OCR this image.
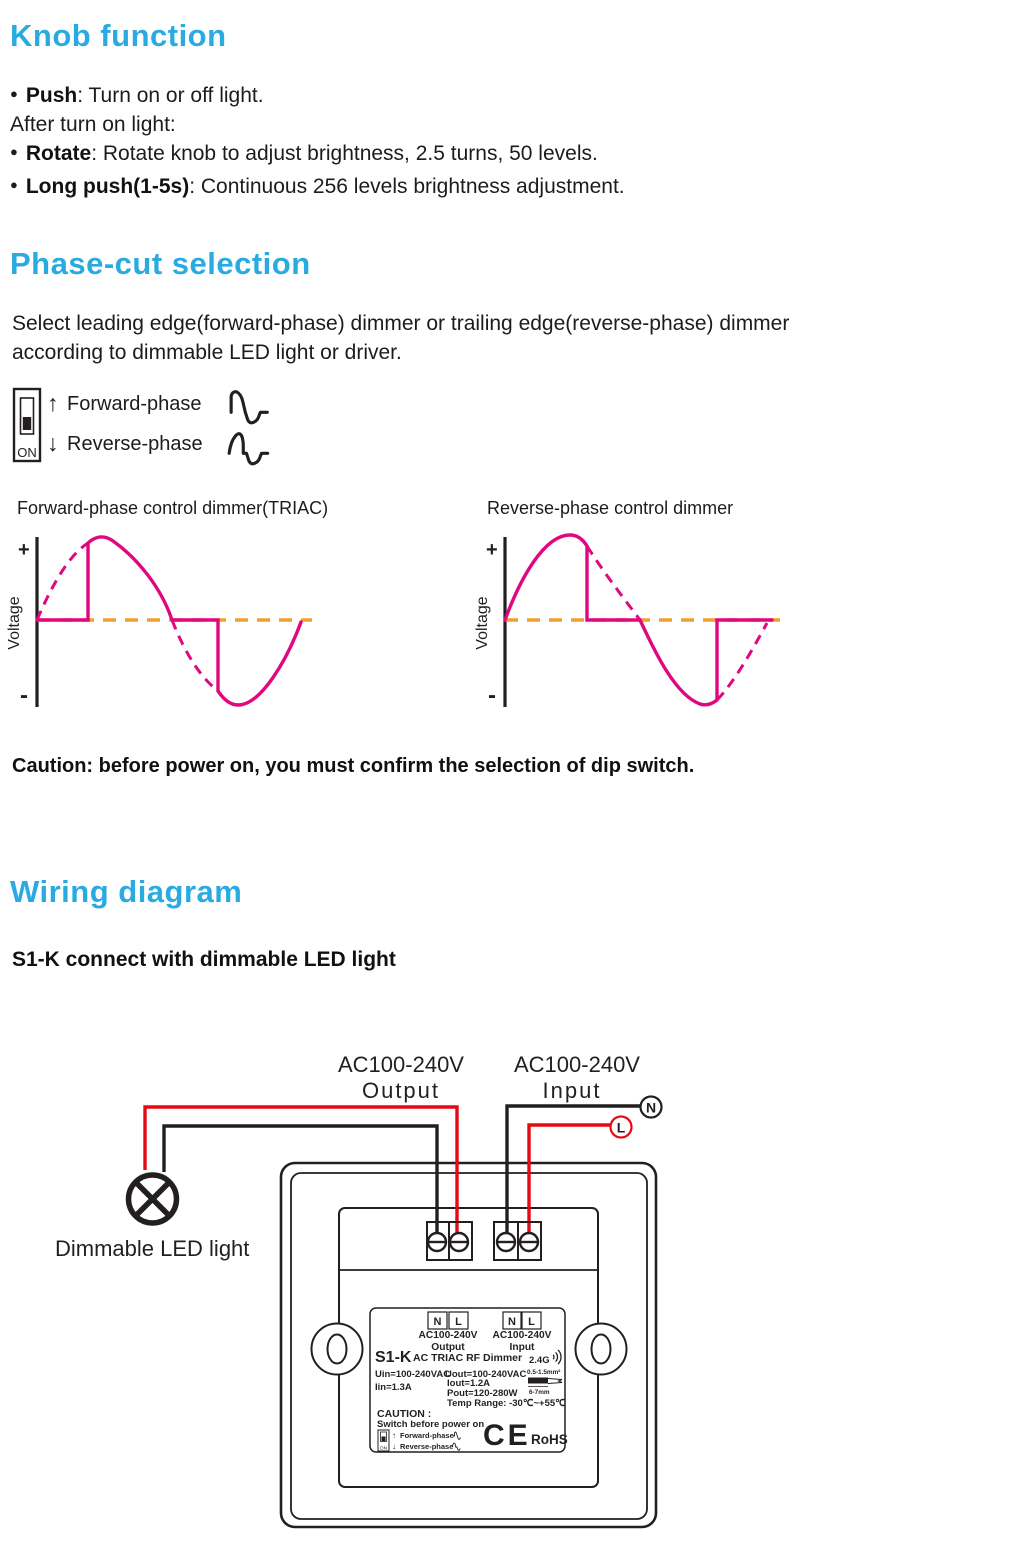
Knob function
● Push: Turn on or off light.
After turn on light:
● Rotate: Rotate knob to adjust brightness, 2.5 turns, 50 levels.
● Long push(1-5s): Continuous 256 levels brightness adjustment.
Phase-cut selection
Select leading edge(forward-phase) dimmer or trailing edge(reverse-phase) dimmer
according to dimmable LED light or driver.
ON
↑ Forward-phase
↓ Reverse-phase
Forward-phase control dimmer(TRIAC)
+
Voltage
-
Reverse-phase control dimmer
+
Voltage
-
Caution: before power on, you must confirm the selection of dip switch.
Wiring diagram
S1-K connect with dimmable LED light
AC100-240V
Output
AC100-240V
Input
N
L
Dimmable LED light
N L	N L
AC100-240V
Output
AC100-240V
Input
S1-K AC TRIAC RF Dimmer 2.4G
Uin=100-240VAC
Iin=1.3A
Uout=100-240VAC
Iout=1.2A
Pout=120-280W
Temp Range: -30℃~+55℃
0.5-1.5mm²
6-7mm
CAUTION :
Switch before power on
ON
↑ Forward-phase
↓ Reverse-phase CE RoHS
